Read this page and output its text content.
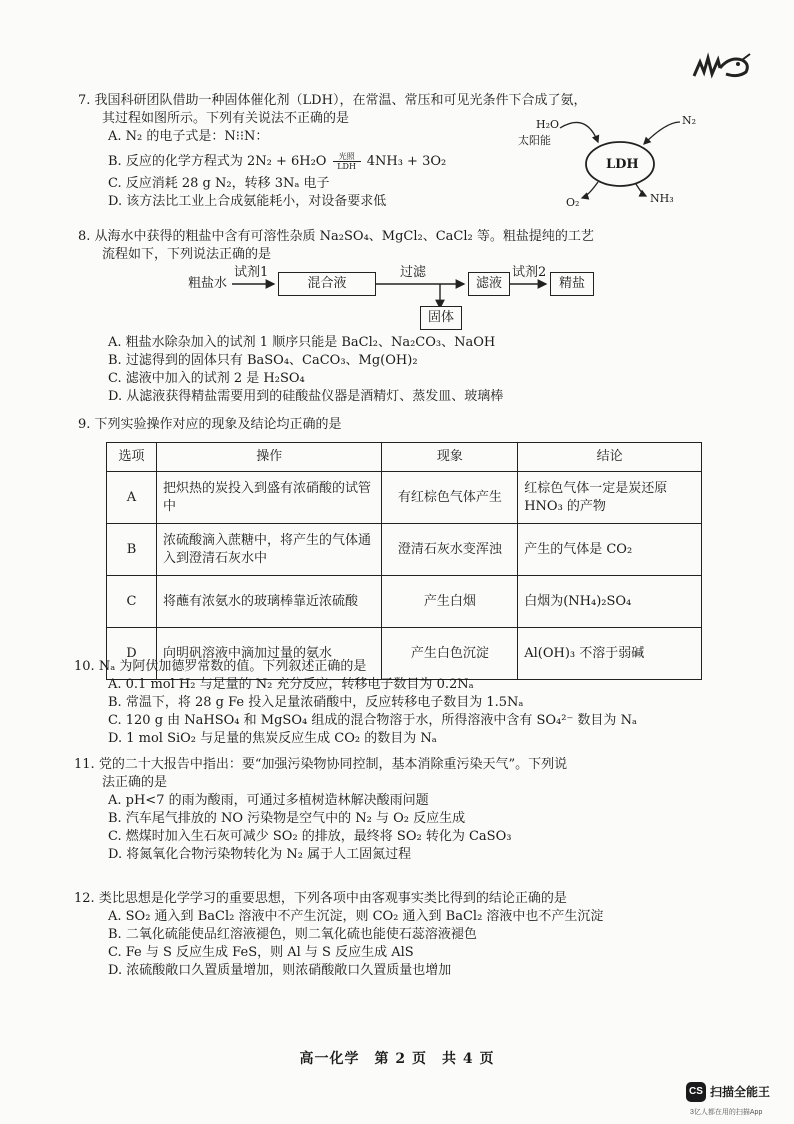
7. 我国科研团队借助一种固体催化剂（LDH），在常温、常压和可见光条件下合成了氨，
其过程如图所示。下列有关说法不正确的是
A. N₂ 的电子式是：N⁝⁝N：
B. 反应的化学方程式为 2N₂ + 6H₂O	光照
LDH 4NH₃ + 3O₂
C. 反应消耗 28 g N₂，转移 3Nₐ 电子
D. 该方法比工业上合成氨能耗小，对设备要求低
LDH
H₂O	N₂
太阳能
O₂	NH₃
8. 从海水中获得的粗盐中含有可溶性杂质 Na₂SO₄、MgCl₂、CaCl₂ 等。粗盐提纯的工艺
流程如下，下列说法正确的是
粗盐水
试剂1
混合液
过滤
滤液
试剂2
精盐
固体
A. 粗盐水除杂加入的试剂 1 顺序只能是 BaCl₂、Na₂CO₃、NaOH
B. 过滤得到的固体只有 BaSO₄、CaCO₃、Mg(OH)₂
C. 滤液中加入的试剂 2 是 H₂SO₄
D. 从滤液获得精盐需要用到的硅酸盐仪器是酒精灯、蒸发皿、玻璃棒
9. 下列实验操作对应的现象及结论均正确的是
选项	操作	现象	结论
A	把炽热的炭投入到盛有浓硝酸的试管中	有红棕色气体产生	红棕色气体一定是炭还原 HNO₃ 的产物
B	浓硫酸滴入蔗糖中，将产生的气体通入到澄清石灰水中	澄清石灰水变浑浊	产生的气体是 CO₂
C	将蘸有浓氨水的玻璃棒靠近浓硫酸	产生白烟	白烟为(NH₄)₂SO₄
D	向明矾溶液中滴加过量的氨水	产生白色沉淀	Al(OH)₃ 不溶于弱碱
10. Nₐ 为阿伏加德罗常数的值。下列叙述正确的是
A. 0.1 mol H₂ 与足量的 N₂ 充分反应，转移电子数目为 0.2Nₐ
B. 常温下，将 28 g Fe 投入足量浓硝酸中，反应转移电子数目为 1.5Nₐ
C. 120 g 由 NaHSO₄ 和 MgSO₄ 组成的混合物溶于水，所得溶液中含有 SO₄²⁻ 数目为 Nₐ
D. 1 mol SiO₂ 与足量的焦炭反应生成 CO₂ 的数目为 Nₐ
11. 党的二十大报告中指出：要“加强污染物协同控制，基本消除重污染天气”。下列说
法正确的是
A. pH<7 的雨为酸雨，可通过多植树造林解决酸雨问题
B. 汽车尾气排放的 NO 污染物是空气中的 N₂ 与 O₂ 反应生成
C. 燃煤时加入生石灰可减少 SO₂ 的排放，最终将 SO₂ 转化为 CaSO₃
D. 将氮氧化合物污染物转化为 N₂ 属于人工固氮过程
12. 类比思想是化学学习的重要思想，下列各项中由客观事实类比得到的结论正确的是
A. SO₂ 通入到 BaCl₂ 溶液中不产生沉淀，则 CO₂ 通入到 BaCl₂ 溶液中也不产生沉淀
B. 二氧化硫能使品红溶液褪色，则二氧化硫也能使石蕊溶液褪色
C. Fe 与 S 反应生成 FeS，则 Al 与 S 反应生成 AlS
D. 浓硫酸敞口久置质量增加，则浓硝酸敞口久置质量也增加
高一化学　第 2 页　共 4 页
CS 扫描全能王
3亿人都在用的扫描App
